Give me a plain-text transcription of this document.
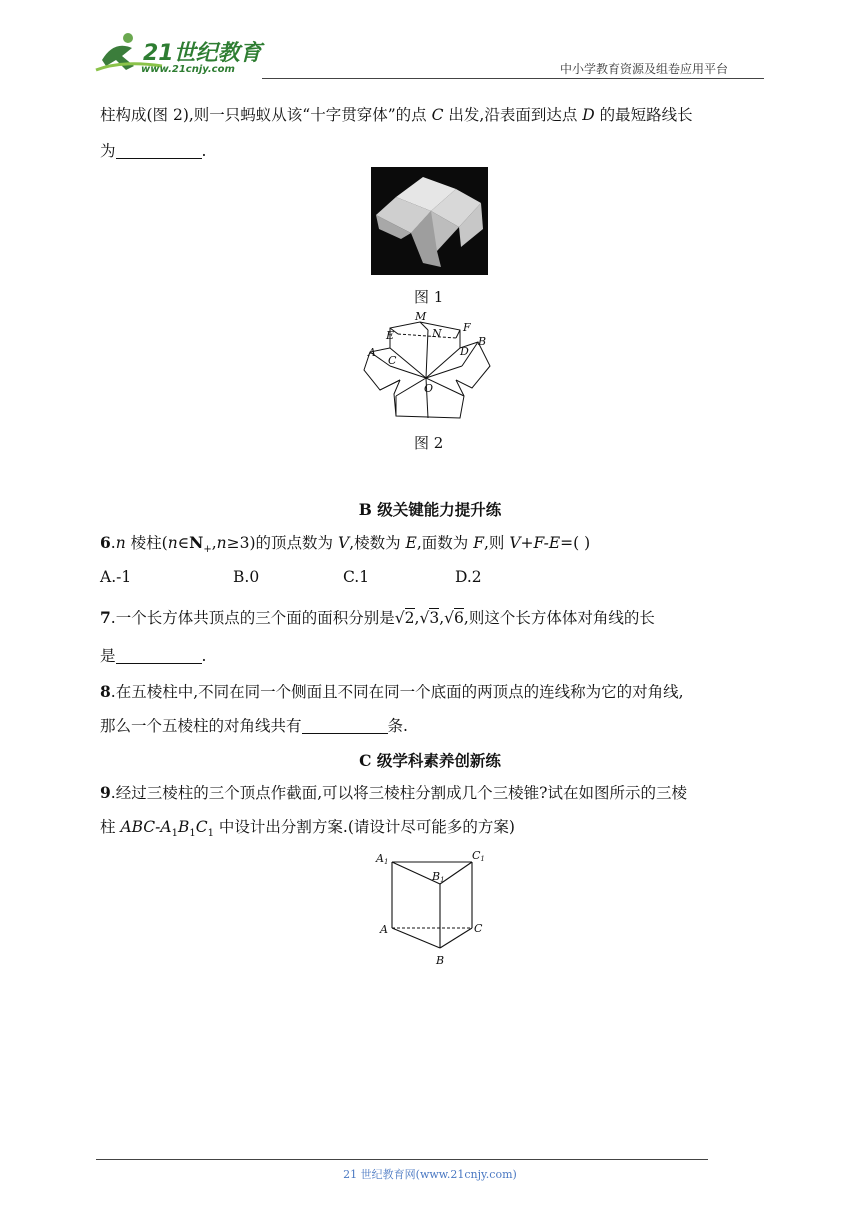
21世纪教育
www.21cnjy.com	中小学教育资源及组卷应用平台
柱构成(图 2),则一只蚂蚁从该“十字贯穿体”的点 C 出发,沿表面到达点 D 的最短路线长
为	.
图 1
M
N
E
F
A
C
D
B
O
图 2
B 级关键能力提升练
6.n 棱柱$(n\in N_+,n\ge 3)$的顶点数为 V,棱数为 E,面数为 F,则 V+F-E=( )
A.-1	B.0	C.1	D.2
7.一个长方体共顶点的三个面的面积分别是√2,√3,√6,则这个长方体体对角线的长
是	.
8.在五棱柱中,不同在同一个侧面且不同在同一个底面的两顶点的连线称为它的对角线,
那么一个五棱柱的对角线共有	条.
C 级学科素养创新练
9.经过三棱柱的三个顶点作截面,可以将三棱柱分割成几个三棱锥?试在如图所示的三棱
柱 ABC-$A_1B_1C_1$ 中设计出分割方案.(请设计尽可能多的方案)
A1	C1
B1
A	C
B
21 世纪教育网(www.21cnjy.com)
